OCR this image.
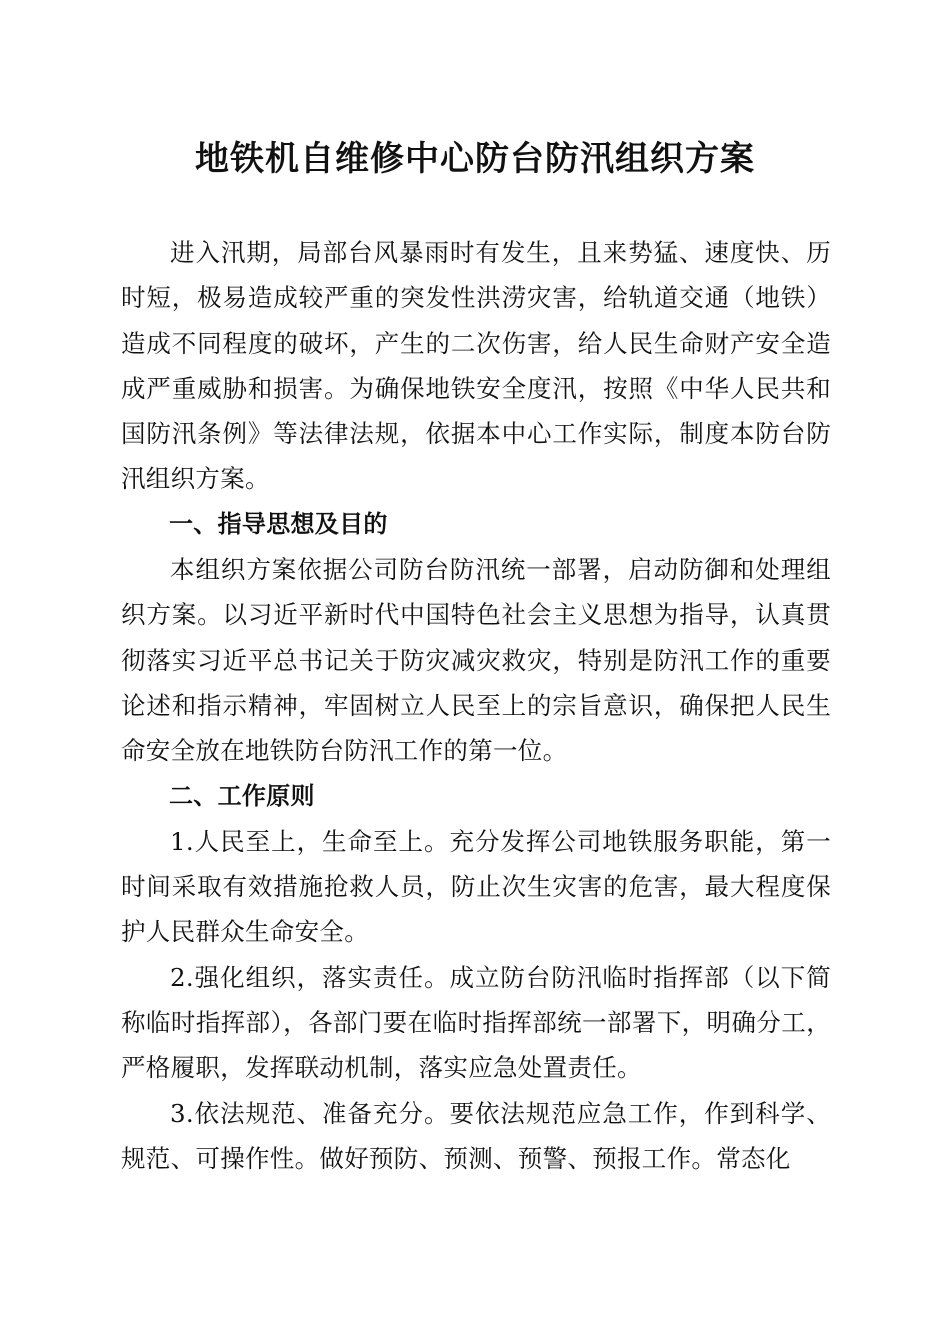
地铁机自维修中心防台防汛组织方案

进入汛期，局部台风暴雨时有发生，且来势猛、速度快、历时短，极易造成较严重的突发性洪涝灾害，给轨道交通（地铁）造成不同程度的破坏，产生的二次伤害，给人民生命财产安全造成严重威胁和损害。为确保地铁安全度汛，按照《中华人民共和国防汛条例》等法律法规，依据本中心工作实际，制度本防台防汛组织方案。

一、指导思想及目的

本组织方案依据公司防台防汛统一部署，启动防御和处理组织方案。以习近平新时代中国特色社会主义思想为指导，认真贯彻落实习近平总书记关于防灾减灾救灾，特别是防汛工作的重要论述和指示精神，牢固树立人民至上的宗旨意识，确保把人民生命安全放在地铁防台防汛工作的第一位。

二、工作原则

1.人民至上，生命至上。充分发挥公司地铁服务职能，第一时间采取有效措施抢救人员，防止次生灾害的危害，最大程度保护人民群众生命安全。

2.强化组织，落实责任。成立防台防汛临时指挥部（以下简称临时指挥部），各部门要在临时指挥部统一部署下，明确分工，严格履职，发挥联动机制，落实应急处置责任。

3.依法规范、准备充分。要依法规范应急工作，作到科学、规范、可操作性。做好预防、预测、预警、预报工作。常态化
